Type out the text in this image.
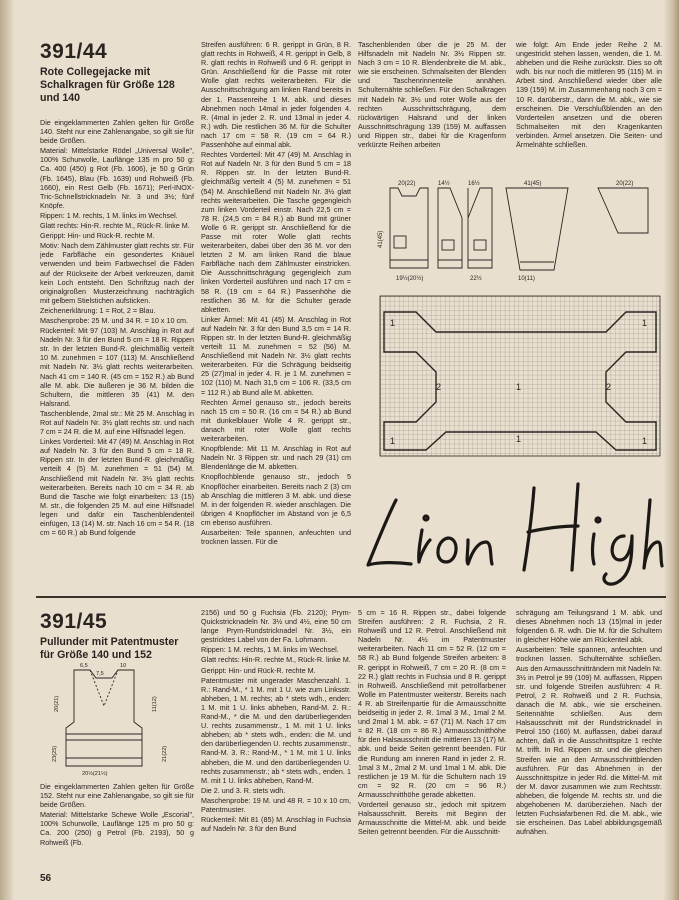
391/44
Rote Collegejacke mit Schalkragen für Größe 128 und 140

Die eingeklammerten Zahlen gelten für Größe 140. Steht nur eine Zahlenangabe, so gilt sie für beide Größen.

Material: Mittelstarke Rödel „Universal Wolle", 100% Schurwolle, Lauflänge 135 m pro 50 g: Ca. 400 (450) g Rot (Fb. 1606), je 50 g Grün (Fb. 1645), Blau (Fb. 1639) und Rohweiß (Fb. 1660), ein Rest Gelb (Fb. 1671); Perl-INOX-Tric-Schnellstricknadeln Nr. 3 und 3½; fünf Knöpfe.

Rippen: 1 M. rechts, 1 M. links im Wechsel.

Glatt rechts: Hin-R. rechte M., Rück-R. linke M.

Gerippt: Hin- und Rück-R. rechte M.

Motiv: Nach dem Zählmuster glatt rechts str. Für jede Farbfläche ein gesondertes Knäuel verwenden und beim Farbwechsel die Fäden auf der Rückseite der Arbeit verkreuzen, damit kein Loch entsteht. Den Schriftzug nach der originalgroßen Musterzeichnung nachträglich mit gelbem Stielstichen aufsticken.

Zeichenerklärung: 1 = Rot, 2 = Blau.

Maschenprobe: 25 M. und 34 R. = 10 x 10 cm.

Rückenteil: Mit 97 (103) M. Anschlag in Rot auf Nadeln Nr. 3 für den Bund 5 cm = 18 R. Rippen str. In der letzten Bund-R. gleichmäßig verteilt 10 M. zunehmen = 107 (113) M. Anschließend mit Nadeln Nr. 3½ glatt rechts weiterarbeiten. Nach 41 cm = 140 R. (45 cm = 152 R.) ab Bund alle M. abk. Die äußeren je 36 M. bilden die Schultern, die mittleren 35 (41) M. den Halsrand.

Taschenblende, 2mal str.: Mit 25 M. Anschlag in Rot auf Nadeln Nr. 3½ glatt rechts str. und nach 7 cm = 24 R. die M. auf eine Hilfsnadel legen.

Linkes Vorderteil: Mit 47 (49) M. Anschlag in Rot auf Nadeln Nr. 3 für den Bund 5 cm = 18 R. Rippen str. In der letzten Bund-R. gleichmäßig verteilt 4 (5) M. zunehmen = 51 (54) M. Anschließend mit Nadeln Nr. 3½ glatt rechts weiterarbeiten. Bereits nach 10 cm = 34 R. ab Bund die Tasche wie folgt einarbeiten: 13 (15) M. str., die folgenden 25 M. auf eine Hilfsnadel legen und dafür ein Taschenblendenteil einfügen, 13 (14) M. str. Nach 16 cm = 54 R. (18 cm = 60 R.) ab Bund folgende

Streifen ausführen: 6 R. gerippt in Grün, 8 R. glatt rechts in Rohweiß, 4 R. gerippt in Gelb, 8 R. glatt rechts in Rohweiß und 6 R. gerippt in Grün. Anschließend für die Passe mit roter Wolle glatt rechts weiterarbeiten. Für die Ausschnittschrägung am linken Rand bereits in der 1. Passenreihe 1 M. abk. und dieses Abnehmen noch 14mal in jeder folgenden 4. R. (4mal in jeder 2. R. und 13mal in jeder 4. R.) wdh. Die restlichen 36 M. für die Schulter nach 17 cm = 58 R. (19 cm = 64 R.) Passenhöhe auf einmal abk.

Rechtes Vorderteil: Mit 47 (49) M. Anschlag in Rot auf Nadeln Nr. 3 für den Bund 5 cm = 18 R. Rippen str. In der letzten Bund-R. gleichmäßig verteilt 4 (5) M. zunehmen = 51 (54) M. Anschließend mit Nadeln Nr. 3½ glatt rechts weiterarbeiten. Die Tasche gegengleich zum linken Vorderteil einstr. Nach 22,5 cm = 78 R. (24,5 cm = 84 R.) ab Bund mit grüner Wolle 6 R. gerippt str. Anschließend für die Passe mit roter Wolle glatt rechts weiterarbeiten, dabei über den 36 M. vor den letzten 2 M. am linken Rand die blaue Farbfläche nach dem Zählmuster einstricken. Die Ausschnittschrägung gegengleich zum linken Vorderteil ausführen und nach 17 cm = 58 R. (19 cm = 64 R.) Passenhöhe die restlichen 36 M. für die Schulter gerade abketten.

Linker Ärmel: Mit 41 (45) M. Anschlag in Rot auf Nadeln Nr. 3 für den Bund 3,5 cm = 14 R. Rippen str. In der letzten Bund-R. gleichmäßig verteilt 11 M. zunehmen = 52 (56) M. Anschließend mit Nadeln Nr. 3½ glatt rechts weiterarbeiten. Für die Schrägung beidseitig 25 (27)mal in jeder 4. R. je 1 M. zunehmen = 102 (110) M. Nach 31,5 cm = 106 R. (33,5 cm = 112 R.) ab Bund alle M. abketten.

Rechten Ärmel genauso str., jedoch bereits nach 15 cm = 50 R. (16 cm = 54 R.) ab Bund mit dunkelblauer Wolle 4 R. gerippt str., danach mit roter Wolle glatt rechts weiterarbeiten.

Knopfblende: Mit 11 M. Anschlag in Rot auf Nadeln Nr. 3 Rippen str. und nach 29 (31) cm Blendenlänge die M. abketten.

Knopflochblende genauso str., jedoch 5 Knopflöcher einarbeiten. Bereits nach 2 (3) cm ab Anschlag die mittleren 3 M. abk. und diese M. in der folgenden R. wieder anschlagen. Die übrigen 4 Knopflöcher im Abstand von je 6,5 cm ebenso ausführen.

Ausarbeiten: Teile spannen, anfeuchten und trocknen lassen. Für die

Taschenblenden über die je 25 M. der Hilfsnadeln mit Nadeln Nr. 3½ Rippen str. Nach 3 cm = 10 R. Blendenbreite die M. abk., wie sie erscheinen. Schmalseiten der Blenden und Taschenrinnenteile annähen. Schulternähte schließen. Für den Schalkragen mit Nadeln Nr. 3½ und roter Wolle aus der rechten Ausschnittschrägung, dem rückwärtigen Halsrand und der linken Ausschnittschrägung 139 (159) M. auffassen und Rippen str., dabei für die Kragenform verkürzte Reihen arbeiten

wie folgt: Am Ende jeder Reihe 2 M. ungestrickt stehen lassen, wenden, die 1. M. abheben und die Reihe zurückstr. Dies so oft wdh. bis nur noch die mittleren 95 (115) M. in Arbeit sind. Anschließend wieder über alle 139 (159) M. im Zusammenhang noch 3 cm = 10 R. darüberstr., dann die M. abk., wie sie erscheinen. Die Verschlußblenden an den Vorderteilen ansetzen und die oberen Schmalseiten mit den Kragenkanten verbinden. Ärmel ansetzen. Die Seiten- und Ärmelnähte schließen.

20(22)
41(45)
19½(20½)
14½	16½
22½
41(45)	20(22)
10(11)
1	1
2	1	2
1	1	1
Lion High
391/45
Pullunder mit Patentmuster für Größe 140 und 152
6,5
7,5
10
20(21)	11(12)
23(25)	21(22)
20½(21½)

Die eingeklammerten Zahlen gelten für Größe 152. Steht nur eine Zahlenangabe, so gilt sie für beide Größen.

Material: Mittelstarke Schewe Wolle „Escorial", 100% Schurwolle, Lauflänge 125 m pro 50 g: Ca. 200 (250) g Petrol (Fb. 2193), 50 g Rohweiß (Fb.

2156) und 50 g Fuchsia (Fb. 2120); Prym-Quickstricknadeln Nr. 3½ und 4½, eine 50 cm lange Prym-Rundstricknadel Nr. 3½, ein gestricktes Label von der Fa. Lohmann.

Rippen: 1 M. rechts, 1 M. links im Wechsel.

Glatt rechts: Hin-R. rechte M., Rück-R. linke M.

Gerippt: Hin- und Rück-R. rechte M.

Patentmuster mit ungerader Maschenzahl. 1. R.: Rand-M., * 1 M. mit 1 U. wie zum Linksstr. abheben, 1 M. rechts; ab * stets wdh., enden: 1 M. mit 1 U. links abheben, Rand-M. 2. R.: Rand-M., * die M. und den darüberliegenden U. rechts zusammenstr., 1 M. mit 1 U. links abheben; ab * stets wdh., enden: die M. und den darüberliegenden U. rechts zusammenstr., Rand-M. 3. R.: Rand-M., * 1 M. mit 1 U. links abheben, die M. und den darüberliegenden U. rechts zusammenstr.; ab * stets wdh., enden. 1 M. mit 1 U. links abheben, Rand-M.

Die 2. und 3. R. stets wdh.

Maschenprobe: 19 M. und 48 R. = 10 x 10 cm, Patentmuster.

Rückenteil: Mit 81 (85) M. Anschlag in Fuchsia auf Nadeln Nr. 3 für den Bund

5 cm = 16 R. Rippen str., dabei folgende Streifen ausführen: 2 R. Fuchsia, 2 R. Rohweiß und 12 R. Petrol. Anschließend mit Nadeln Nr. 4½ im Patentmuster weiterarbeiten. Nach 11 cm = 52 R. (12 cm = 58 R.) ab Bund folgende Streifen arbeiten: 8 R. gerippt in Rohweiß, 7 cm = 20 R. (8 cm = 22 R.) glatt rechts in Fuchsia und 8 R. gerippt in Rohweiß. Anschließend mit petrolfarbener Wolle im Patentmuster weiterstr. Bereits nach 4 R. ab Streifenpartie für die Armausschnitte beidseitig in jeder 2. R. 1mal 3 M., 1mal 2 M. und 2mal 1 M. abk. = 67 (71) M. Nach 17 cm = 82 R. (18 cm = 86 R.) Armausschnitthöhe für den Halsausschnitt die mittleren 13 (17) M. abk. und beide Seiten getrennt beenden. Für die Rundung am inneren Rand in jeder 2. R. 1mal 3 M., 2mal 2 M. und 1mal 1 M. abk. Die restlichen je 19 M. für die Schultern nach 19 cm = 92 R. (20 cm = 96 R.) Armausschnitthöhe gerade abketten.

Vorderteil genauso str., jedoch mit spitzem Halsausschnitt. Bereits mit Beginn der Armausschnitte die Mittel-M. abk. und beide Seiten getrennt beenden. Für die Ausschnitt-

schrägung am Teilungsrand 1 M. abk. und dieses Abnehmen noch 13 (15)mal in jeder folgenden 6. R. wdh. Die M. für die Schultern in gleicher Höhe wie am Rückenteil abk.

Ausarbeiten: Teile spannen, anfeuchten und trocknen lassen. Schulternähte schließen. Aus den Armausschnitträndern mit Nadeln Nr. 3½ in Petrol je 99 (109) M. auffassen, Rippen str. und folgende Streifen ausführen: 4 R. Petrol, 2 R. Rohweiß und 2 R. Fuchsia, danach die M. abk., wie sie erscheinen. Seitennähte schließen. Aus dem Halsausschnitt mit der Rundstricknadel in Petrol 150 (160) M. auffassen, dabei darauf achten, daß in die Ausschnittspitze 1 rechte M. trifft. In Rd. Rippen str. und die gleichen Streifen wie an den Armausschnittblenden ausführen. Für das Abnehmen in der Ausschnittspitze in jeder Rd. die Mittel-M. mit der M. davor zusammen wie zum Rechtsstr. abheben, die folgende M. rechts str. und die abgehobenen M. darüberziehen. Nach der letzten Fuchsiafarbenen Rd. die M. abk., wie sie erscheinen. Das Label abbildungsgemäß aufnähen.

56
